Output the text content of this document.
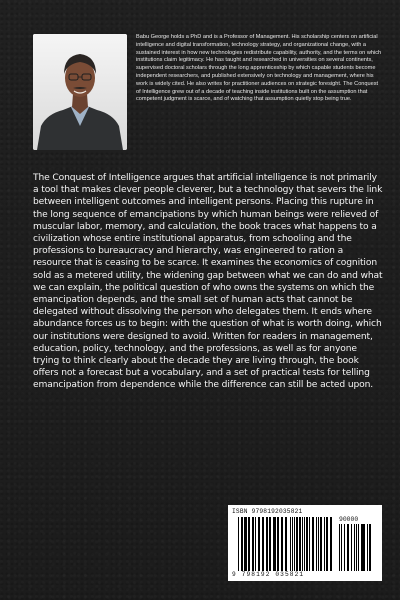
Babu George holds a PhD and is a Professor of Management. His scholarship centers on artificial intelligence and digital transformation, technology strategy, and organizational change, with a sustained interest in how new technologies redistribute capability, authority, and the terms on which institutions claim legitimacy. He has taught and researched in universities on several continents, supervised doctoral scholars through the long apprenticeship by which capable students become independent researchers, and published extensively on technology and management, where his work is widely cited. He also writes for practitioner audiences on strategic foresight. The Conquest of Intelligence grew out of a decade of teaching inside institutions built on the assumption that competent judgment is scarce, and of watching that assumption quietly stop being true.

The Conquest of Intelligence argues that artificial intelligence is not primarily a tool that makes clever people cleverer, but a technology that severs the link between intelligent outcomes and intelligent persons. Placing this rupture in the long sequence of emancipations by which human beings were relieved of muscular labor, memory, and calculation, the book traces what happens to a civilization whose entire institutional apparatus, from schooling and the professions to bureaucracy and hierarchy, was engineered to ration a resource that is ceasing to be scarce. It examines the economics of cognition sold as a metered utility, the widening gap between what we can do and what we can explain, the political question of who owns the systems on which the emancipation depends, and the small set of human acts that cannot be delegated without dissolving the person who delegates them. It ends where abundance forces us to begin: with the question of what is worth doing, which our institutions were designed to avoid. Written for readers in management, education, policy, technology, and the professions, as well as for anyone trying to think clearly about the decade they are living through, the book offers not a forecast but a vocabulary, and a set of practical tests for telling emancipation from dependence while the difference can still be acted upon.

ISBN 9798192035821
90000
9 798192 035821
